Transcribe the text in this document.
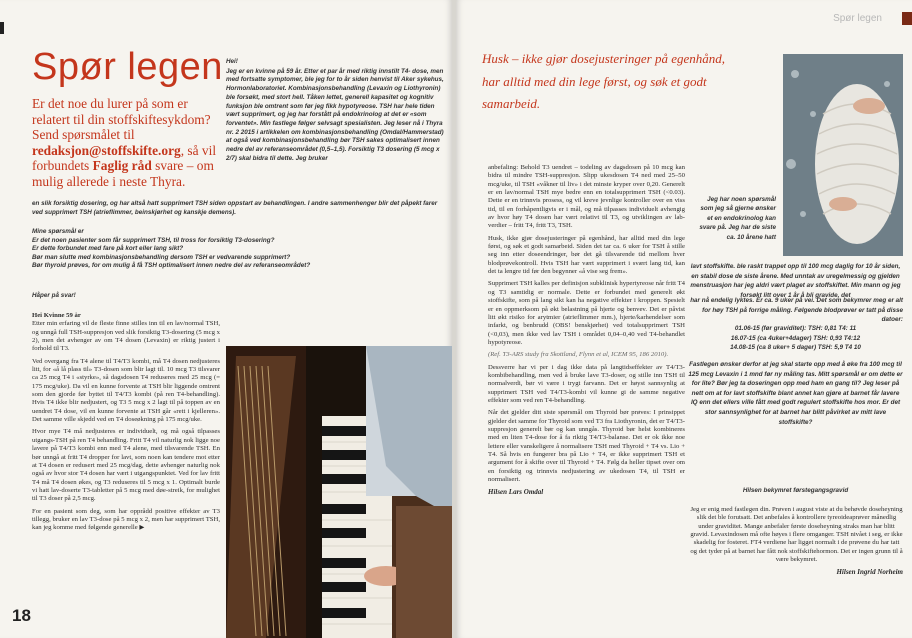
Spør legen
Er det noe du lurer på som er relatert til din stoffskiftesykdom? Send spørsmålet til redaksjon@stoffskifte.org, så vil forbundets Faglig råd svare – om mulig allerede i neste Thyra.
Hei!
Jeg er en kvinne på 59 år. Etter et par år med riktig innstilt T4- dose, men med fortsatte symptomer, ble jeg for to år siden henvist til Aker sykehus, Hormonlaboratoriet. Kombinasjonsbehandling (Levaxin og Liothyronin) ble forsøkt, med stort hell. Tåken lettet, generell kapasitet og kognitiv funksjon ble omtrent som før jeg fikk hypotyreose. TSH har hele tiden vært supprimert, og jeg har forstått på endokrinolog at det er «som forventet». Min fastlege følger selvsagt spesialisten. Jeg leser nå i Thyra nr. 2 2015 i artikkelen om kombinasjonsbehandling (Omdal/Hammerstad) at også ved kombinasjonsbehandling bør TSH sakes optimalisert innen nedre del av referanseområdet (0,5–1,5). Forsiktig T3 dosering (5 mcg x 2/7) skal bidra til dette. Jeg bruker
en slik forsiktig dosering, og har altså hatt supprimert TSH siden oppstart av behandlingen. I andre sammenhenger blir det påpekt farer ved supprimert TSH (atrieflimmer, beinskjørhet og kanskje demens).
Mine spørsmål er
Er det noen pasienter som får supprimert TSH, til tross for forsiktig T3-dosering?
Er dette forbundet med fare på kort eller lang sikt?
Bør man slutte med kombinasjonsbehandling dersom TSH er vedvarende supprimert?
Bør thyroid prøves, for om mulig å få TSH optimalisert innen nedre del av referanseområdet?
Håper på svar!
Hei Kvinne 59 år

Etter min erfaring vil de fleste finne stilles inn til en lav/normal TSH, og unngå full TSH-suppresjon ved slik forsiktig T3-dosering (5 mcg x 2), men det avhenger av om T4 dosen (Levaxin) er riktig justert i forhold til T3.

Ved overgang fra T4 alene til T4/T3 kombi, må T4 dosen nedjusteres litt, for «å lå plass til» T3-dosen som blir lagt til. 10 mcg T3 tilsvarer ca 25 mcg T4 i «styrke», så dagsdosen T4 reduseres med 25 mcg (= 175 mcg/uke). Da vil en kunne forvente at TSH blir liggende omtrent som den gjorde før byttet til T4/T3 kombi (på ren T4-behandling). Hvis T4 ikke blir nedjustert, og T3 5 mcg x 2 lagt til på toppen av en uendret T4 dose, vil en kunne forvente at TSH går «rett i kjelleren». Det samme ville skjedd ved en T4 doseøkning på 175 mcg/uke.

Hvor mye T4 må nedjusteres er individuelt, og må også tilpasses utgangs-TSH på ren T4 behandling. Fritt T4 vil naturlig nok ligge noe lavere på T4/T3 kombi enn med T4 alene, med tilsvarende TSH. En bør unngå at fritt T4 dropper for lavt, som noen kan tendere mot etter at T4 dosen er redusert med 25 mcg/dag, dette avhenger naturlig nok også av hvor stor T4 dosen har vært i utgangspunktet. Ved for lav fritt T4 må T4 dosen økes, og T3 reduseres til 5 mcg x 1. Optimalt burde vi hatt lav-doserte T3-tabletter på 5 mcg med døe-streik, for mulighet til T3 doser på 2,5 mcg.

For en pasient som deg, som har opprådd positive effekter av T3 tillegg, bruker en lav T3-dose på 5 mcg x 2, men har supprimert TSH, kan jeg komme med følgende generelle ▶

18
Spør legen
Husk – ikke gjør dosejusteringer på egenhånd, har alltid med din lege først, og søk et godt samarbeid.
Jeg har noen spørsmål som jeg så gjerne ønsker et en endokrinolog kan svare på. Jeg har de siste ca. 10 årene hatt
lavt stoffskifte. ble raskt trappet opp til 100 mcg daglig for 10 år siden, en stabil dose de siste årene. Med unntak av uregelmessig og gjelden menstruasjon har jeg aldri vært plaget av stoffskiftet. Min mann og jeg forsøkt litt over 1 år å bli gravide, det
har nå endelig lyktes. Er ca. 9 uker på vei. Det som bekymrer meg er alt for høy TSH på forrige måling. Følgende blodprøver er tatt på disse datoer:
01.06-15 (før graviditet): TSH: 0,81 T4: 11
16.07-15 (ca 4uker+4dager) TSH: 0,93 T4:12
14.08-15 (ca 8 uker+ 5 dager) TSH: 5,9 T4 10
Fastlegen ønsker derfor at jeg skal starte opp med å øke fra 100 mcg til 125 mcg Levaxin i 1 mnd før ny måling tas. Mitt spørsmål er om dette er for lite? Bør jeg ta doseringen opp med ham en gang til? Jeg leser på nett om at for lavt stoffskifte blant annet kan gjøre at barnet får lavere IQ enn det ellers ville fått med godt regulert stoffskifte hos mor. Er det stor sannsynlighet for at barnet har blitt påvirket av mitt lave stoffskifte?
Hilsen bekymret førstegangsgravid

anbefaling: Behold T3 uendret – todeling av dagsdosen på 10 mcg kan bidra til mindre TSH-suppresjon. Slipp ukesdosen T4 ned med 25–50 mcg/uke, til TSH «våkner til liv» i det minste kryper over 0,20. Generelt er en lav/normal TSH mye bedre enn en totalsupprimert TSH (<0.03). Dette er en trinnvis prosess, og vil kreve jevnlige kontroller over en viss tid, til en forhåpentligvis er i mål, og må tilpasses individuelt avhengig av hvor høy T4 dosen har vært relativt til T3, og utviklingen av lab-verdier – fritt T4, fritt T3, TSH.

Husk, ikke gjør dosejusteringer på egenhånd, har alltid med din lege først, og søk et godt samarbeid. Siden det tar ca. 6 uker for TSH å stille seg inn etter doseendringer, bør det gå tilsvarende tid mellom hver blodprøvekontroll. Hvis TSH har vært supprimert i svært lang tid, kan det ta lengre tid før den begynner «å vise seg frem».

Supprimert TSH kalles per definisjon subklinisk hypertyreose når fritt T4 og T3 samtidig er normale. Dette er forbundet med generelt økt stoffskifte, som på lang sikt kan ha negative effekter i kroppen. Spesielt er en oppmerksom på økt belastning på hjerte og benvev. Det er påvist litt økt risiko for arytmier (atrieflimmer mm.), hjerte/karhendelser som infarkt, og benbrudd (OBS! benskjørhet) ved totalsupprimert TSH (<0,03), men ikke ved lav TSH i området 0,04–0,40 ved T4-behandlet hypotyreose.

(Ref. T3-ARS study fra Skottland, Flynn et al, ICEM 95, 186 2010).

Dessverre har vi per i dag ikke data på langtidseffekter av T4/T3-kombibehandling, men ved å bruke lave T3-doser, og stille inn TSH til normalverdi, bør vi være i trygt farvann. Det er høyst sannsynlig at supprimert TSH ved T4/T3-kombi vil kunne gi de samme negative effekter som ved ren T4-behandling.

Når det gjelder ditt siste spørsmål om Thyroid bør prøves: I prinsippet gjelder det samme for Thyroid som ved T3 fra Liothyronin, det er T4/T3-suppresjon generelt bør og kan unngås. Thyroid bør helst kombineres med en liten T4-dose for å fa riktig T4/T3-balanse. Det er ok ikke noe lettere eller vanskeligere å normalisere TSH med Thyroid + T4 vs. Lio + T4. Så hvis en fungerer bra på Lio + T4, er ikke supprimert TSH et argument for å skifte over til Thyroid + T4. Følg da heller tipset over om en forsiktig og trinnvis nedjustering av ukedosen T4, til TSH er normalisert.

Hilsen Lars Omdal

Jeg er enig med fastlegen din. Prøven i august viste at du behøvde doseheyning slik det ble forutsatt. Det anbefales å kontrollere tyreoideaprøver månedlig under graviditet. Mange anbefaler første doseheyning straks man har blitt gravid. Levaxindosen må ofte høyes i flere omganger. TSH nivået i seg, er ikke skadelig for fosteret. FT4 verdiene har ligget normalt i de prøvene du har tatt og det tyder på at barnet har fått nok stoffskiftehormon. Det er ingen grunn til å være bekymret.

Hilsen Ingrid Norheim
